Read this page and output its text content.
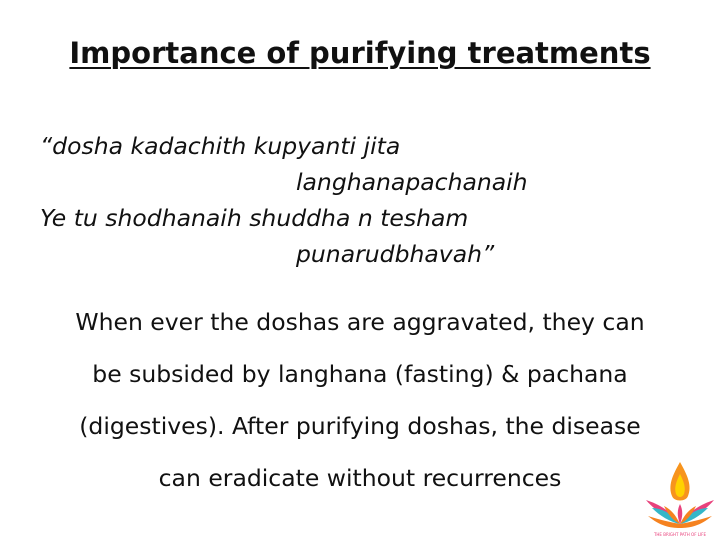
Importance of purifying treatments
“dosha kadachith kupyanti jita
langhanapachanaih
Ye tu shodhanaih shuddha n tesham
punarudbhavah”
When ever the doshas are aggravated, they can
be subsided by langhana (fasting) & pachana
(digestives). After purifying doshas, the disease
can eradicate without recurrences
THE BRIGHT PATH OF LIFE
